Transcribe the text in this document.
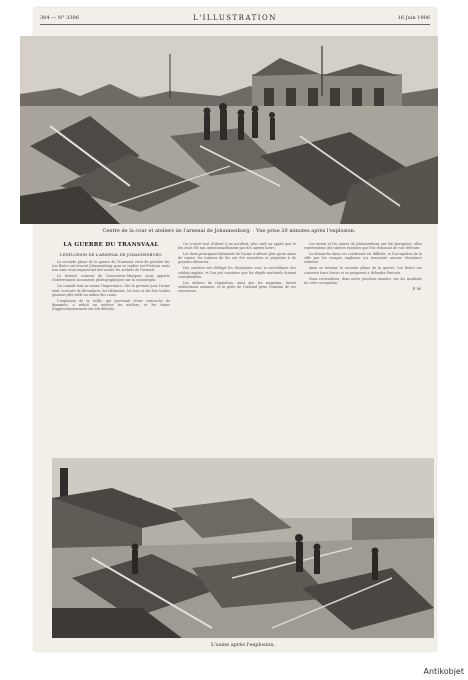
384 — N° 3306	L'ILLUSTRATION	16 Juin 1906
Centre de la cour et ateliers de l'arsenal de Johannesburg. - Vue prise 20 minutes après l'explosion.
LA GUERRE DU TRANSVAAL
L'EXPLOSION DE L'ARSENAL DE JOHANNESBURG.

La seconde phase de la guerre du Transvaal vient de prendre fin. Les Boërs ont évacué Johannesburg pour se replier sur Pretoria, mais non sans avoir auparavant fait sauter les ateliers de l'arsenal.

Le dernier courrier du Gouverneur-Marquez nous apporte d'intéressants documents photographiques sur la catastrophe.

On connaît tout au moins l'importance. Dès le premier jour, l'usine était couverte de décombres; les bâtiments, les bois et les fers tordus gisaient pêle-mêle au milieu des cours.

L'explosion de la veille, qui provenait d'une cartouche de dynamite, a réduit en miettes les ateliers, et les trains d'approvisionnement ont été détruits.

On croyait tout d'abord à un accident; plus tard on apprit que le feu avait été mis intentionnellement par des agents boërs.

Les deux principaux bâtiments de l'usine n'offrent plus qu'un amas de ruines; les toitures de fer ont été arrachées et projetées à de grandes distances.

Des ouvriers ont déblayé les décombres sous la surveillance des soldats anglais, et l'on put constater que les dégâts matériels étaient considérables.

Les ateliers de réparation, ainsi que les magasins, furent entièrement anéantis, et la perte de l'arsenal prive l'ennemi de ses ressources.

Les mines et les usines de Johannesburg ont été épargnées; elles représentent des valeurs énormes que l'on redoutait de voir détruire.

La démarche dans ces conditions est difficile, et l'occupation de la ville par les troupes anglaises n'a rencontré aucune résistance sérieuse.

Ainsi se termine la seconde phase de la guerre. Les Boërs ont conservé leurs forces et se préparent à défendre Pretoria.

Nous reviendrons, dans notre prochain numéro, sur les incidents de cette occupation.

F. M.
L'usine après l'explosion.
Antikobjet
